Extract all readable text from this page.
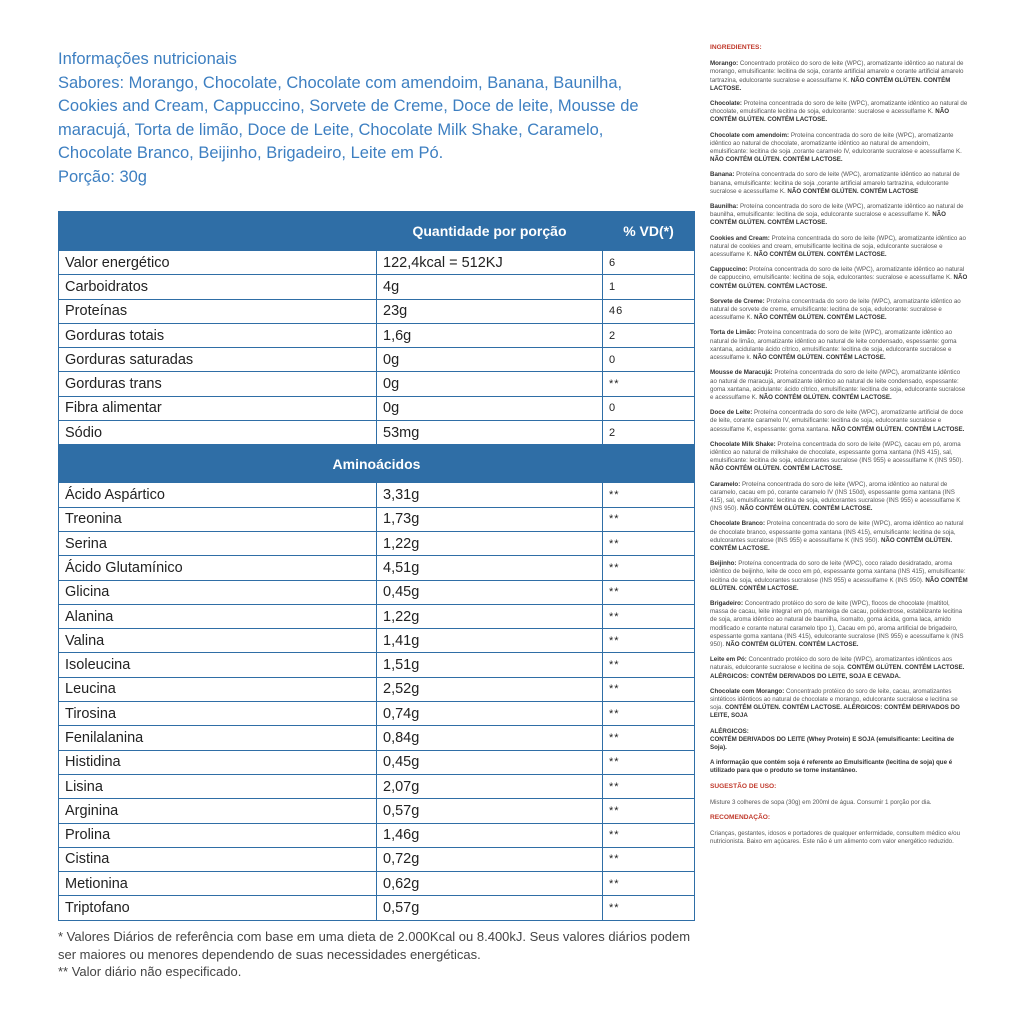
Informações nutricionais
Sabores: Morango, Chocolate, Chocolate com amendoim, Banana, Baunilha,
Cookies and Cream, Cappuccino, Sorvete de Creme, Doce de leite, Mousse de
maracujá, Torta de limão, Doce de Leite, Chocolate Milk Shake, Caramelo,
Chocolate Branco, Beijinho, Brigadeiro, Leite em Pó.
Porção: 30g
	Quantidade por porção	% VD(*)
Valor energético	122,4kcal = 512KJ	6
Carboidratos	4g	1
Proteínas	23g	46
Gorduras totais	1,6g	2
Gorduras saturadas	0g	0
Gorduras trans	0g	**
Fibra alimentar	0g	0
Sódio	53mg	2
Aminoácidos		
Ácido Aspártico	3,31g	**
Treonina	1,73g	**
Serina	1,22g	**
Ácido Glutamínico	4,51g	**
Glicina	0,45g	**
Alanina	1,22g	**
Valina	1,41g	**
Isoleucina	1,51g	**
Leucina	2,52g	**
Tirosina	0,74g	**
Fenilalanina	0,84g	**
Histidina	0,45g	**
Lisina	2,07g	**
Arginina	0,57g	**
Prolina	1,46g	**
Cistina	0,72g	**
Metionina	0,62g	**
Triptofano	0,57g	**
* Valores Diários de referência com base em uma dieta de 2.000Kcal ou 8.400kJ. Seus valores diários podem ser maiores ou menores dependendo de suas necessidades energéticas.
** Valor diário não especificado.
INGREDIENTES:

Morango: Concentrado protéico do soro de leite (WPC), aromatizante idêntico ao natural de morango, emulsificante: lecitina de soja, corante artificial amarelo e corante artificial amarelo tartrazina, edulcorante sucralose e acessulfame K. NÃO CONTÉM GLÚTEN. CONTÉM LACTOSE.

Chocolate: Proteína concentrada do soro de leite (WPC), aromatizante idêntico ao natural de chocolate, emulsificante lecitina de soja, edulcorante: sucralose e acessulfame K. NÃO CONTÉM GLÚTEN. CONTÉM LACTOSE.

Chocolate com amendoim: Proteína concentrada do soro de leite (WPC), aromatizante idêntico ao natural de chocolate, aromatizante idêntico ao natural de amendoim, emulsificante: lecitina de soja ,corante caramelo IV, edulcorante sucralose e acessulfame K. NÃO CONTÉM GLÚTEN. CONTÉM LACTOSE.

Banana: Proteína concentrada do soro de leite (WPC), aromatizante idêntico ao natural de banana, emulsificante: lecitina de soja ,corante artificial amarelo tartrazina, edulcorante sucralose e acessulfame K. NÃO CONTÉM GLÚTEN. CONTÉM LACTOSE

Baunilha: Proteína concentrada do soro de leite (WPC), aromatizante idêntico ao natural de baunilha, emulsificante: lecitina de soja, edulcorante sucralose e acessulfame K. NÃO CONTÉM GLÚTEN. CONTÉM LACTOSE.

Cookies and Cream: Proteína concentrada do soro de leite (WPC), aromatizante idêntico ao natural de cookies and cream, emulsificante lecitina de soja, edulcorante sucralose e acessulfame K. NÃO CONTÉM GLÚTEN. CONTÉM LACTOSE.

Cappuccino: Proteína concentrada do soro de leite (WPC), aromatizante idêntico ao natural de cappuccino, emulsificante: lecitina de soja, edulcorantes: sucralose e acessulfame K. NÃO CONTÉM GLÚTEN. CONTÉM LACTOSE.

Sorvete de Creme: Proteína concentrada do soro de leite (WPC), aromatizante idêntico ao natural de sorvete de creme, emulsificante: lecitina de soja, edulcorante: sucralose e acessulfame K. NÃO CONTÉM GLÚTEN. CONTÉM LACTOSE.

Torta de Limão: Proteína concentrada do soro de leite (WPC), aromatizante idêntico ao natural de limão, aromatizante idêntico ao natural de leite condensado, espessante: goma xantana, acidulante ácido cítrico, emulsificante: lecitina de soja, edulcorante sucralose e acessulfame k. NÃO CONTÉM GLÚTEN. CONTÉM LACTOSE.

Mousse de Maracujá: Proteína concentrada do soro de leite (WPC), aromatizante idêntico ao natural de maracujá, aromatizante idêntico ao natural de leite condensado, espessante: goma xantana, acidulante: ácido cítrico, emulsificante: lecitina de soja, edulcorante sucralose e acessulfame K. NÃO CONTÉM GLÚTEN. CONTÉM LACTOSE.

Doce de Leite: Proteína concentrada do soro de leite (WPC), aromatizante artificial de doce de leite, corante caramelo IV, emulsificante: lecitina de soja, edulcorante sucralose e acessulfame K, espessante: goma xantana. NÃO CONTÉM GLÚTEN. CONTÉM LACTOSE.

Chocolate Milk Shake: Proteína concentrada do soro de leite (WPC), cacau em pó, aroma idêntico ao natural de milkshake de chocolate, espessante goma xantana (INS 415), sal, emulsificante: lecitina de soja, edulcorantes sucralose (INS 955) e acessulfame K (INS 950). NÃO CONTÉM GLÚTEN. CONTÉM LACTOSE.

Caramelo: Proteína concentrada do soro de leite (WPC), aroma idêntico ao natural de caramelo, cacau em pó, corante caramelo IV (INS 150d), espessante goma xantana (INS 415), sal, emulsificante: lecitina de soja, edulcorantes sucralose (INS 955) e acessulfame K (INS 950). NÃO CONTÉM GLÚTEN. CONTÉM LACTOSE.

Chocolate Branco: Proteína concentrada do soro de leite (WPC), aroma idêntico ao natural de chocolate branco, espessante goma xantana (INS 415), emulsificante: lecitina de soja, edulcorantes sucralose (INS 955) e acessulfame K (INS 950). NÃO CONTÉM GLÚTEN. CONTÉM LACTOSE.

Beijinho: Proteína concentrada do soro de leite (WPC), coco ralado desidratado, aroma idêntico de beijinho, leite de coco em pó, espessante goma xantana (INS 415), emulsificante: lecitina de soja, edulcorantes sucralose (INS 955) e acessulfame K (INS 950). NÃO CONTÉM GLÚTEN. CONTÉM LACTOSE.

Brigadeiro: Concentrado protéico do soro de leite (WPC), flocos de chocolate (maltitol, massa de cacau, leite integral em pó, manteiga de cacau, polidextrose, estabilizante lecitina de soja, aroma idêntico ao natural de baunilha, isomalto, goma ácida, goma laca, amido modificado e corante natural caramelo tipo 1), Cacau em pó, aroma artificial de brigadeiro, espessante goma xantana (INS 415), edulcorante sucralose (INS 955) e acessulfame k (INS 950). NÃO CONTÉM GLÚTEN. CONTÉM LACTOSE.

Leite em Pó: Concentrado protéico do soro de leite (WPC), aromatizantes idênticos aos naturais, edulcorante sucralose e lecitina de soja. CONTÉM GLÚTEN. CONTÉM LACTOSE. ALÉRGICOS: CONTÉM DERIVADOS DO LEITE, SOJA E CEVADA.

Chocolate com Morango: Concentrado protéico do soro de leite, cacau, aromatizantes sintéticos idênticos ao natural de chocolate e morango, edulcorante sucralose e lecitina se soja. CONTÉM GLÚTEN. CONTÉM LACTOSE. ALÉRGICOS: CONTÉM DERIVADOS DO LEITE, SOJA

ALÉRGICOS:
CONTÉM DERIVADOS DO LEITE (Whey Protein) E SOJA (emulsificante: Lecitina de Soja).

A informação que contém soja é referente ao Emulsificante (lecitina de soja) que é utilizado para que o produto se torne instantâneo.

SUGESTÃO DE USO:

Misture 3 colheres de sopa (30g) em 200ml de água. Consumir 1 porção por dia.

RECOMENDAÇÃO:

Crianças, gestantes, idosos e portadores de qualquer enfermidade, consultem médico e/ou nutricionista. Baixo em açúcares. Este não é um alimento com valor energético reduzido.
